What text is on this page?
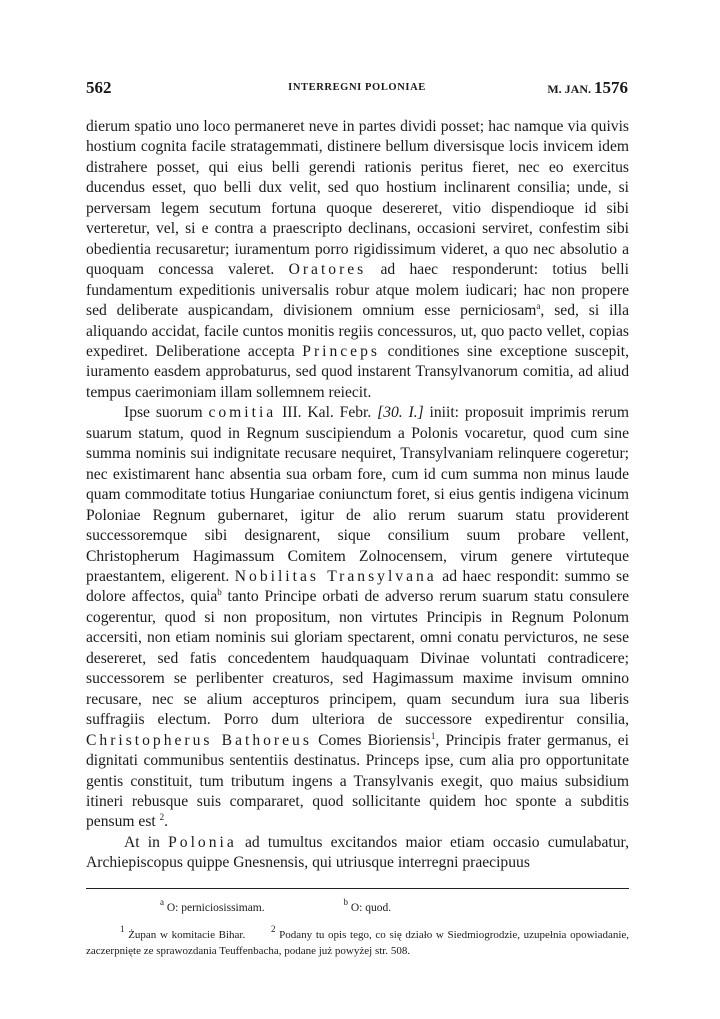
562	INTERREGNI POLONIAE	M. JAN. 1576

dierum spatio uno loco permaneret neve in partes dividi posset; hac namque via quivis hostium cognita facile stratagemmati, distinere bellum diversisque locis invicem idem distrahere posset, qui eius belli gerendi rationis peritus fieret, nec eo exercitus ducendus esset, quo belli dux velit, sed quo hostium inclinarent consilia; unde, si perversam legem secutum fortuna quoque desereret, vitio dispendioque id sibi verteretur, vel, si e contra a praescripto declinans, occasioni serviret, confestim sibi obedientia recusaretur; iuramentum porro rigidissimum videret, a quo nec absolutio a quoquam concessa valeret. Oratores ad haec responderunt: totius belli fundamentum expeditionis universalis robur atque molem iudicari; hac non propere sed deliberate auspicandam, divisionem omnium esse perniciosam$^a$, sed, si illa aliquando accidat, facile cuntos monitis regiis concessuros, ut, quo pacto vellet, copias expediret. Deliberatione accepta Princeps conditiones sine exceptione suscepit, iuramento easdem approbaturus, sed quod instarent Transylvanorum comitia, ad aliud tempus caerimoniam illam sollemnem reiecit.

Ipse suorum comitia III. Kal. Febr. [30. I.] iniit: proposuit imprimis rerum suarum statum, quod in Regnum suscipiendum a Polonis vocaretur, quod cum sine summa nominis sui indignitate recusare nequiret, Transylvaniam relinquere cogeretur; nec existimarent hanc absentia sua orbam fore, cum id cum summa non minus laude quam commoditate totius Hungariae coniunctum foret, si eius gentis indigena vicinum Poloniae Regnum gubernaret, igitur de alio rerum suarum statu providerent successoremque sibi designarent, sique consilium suum probare vellent, Christopherum Hagimassum Comitem Zolnocensem, virum genere virtuteque praestantem, eligerent. Nobilitas Transylvana ad haec respondit: summo se dolore affectos, quia$^b$ tanto Principe orbati de adverso rerum suarum statu consulere cogerentur, quod si non propositum, non virtutes Principis in Regnum Polonum accersiti, non etiam nominis sui gloriam spectarent, omni conatu pervicturos, ne sese desereret, sed fatis concedentem haudquaquam Divinae voluntati contradicere; successorem se perlibenter creaturos, sed Hagimassum maxime invisum omnino recusare, nec se alium accepturos principem, quam secundum iura sua liberis suffragiis electum. Porro dum ulteriora de successore expedirentur consilia, Christopherus Bathoreus Comes Bioriensis$^1$, Principis frater germanus, ei dignitati communibus sententiis destinatus. Princeps ipse, cum alia pro opportunitate gentis constituit, tum tributum ingens a Transylvanis exegit, quo maius subsidium itineri rebusque suis compararet, quod sollicitante quidem hoc sponte a subditis pensum est $^2$.

At in Polonia ad tumultus excitandos maior etiam occasio cumulabatur, Archiepiscopus quippe Gnesnensis, qui utriusque interregni praecipuus

$^a$ O: perniciosissimam.	$^b$ O: quod.

$^1$ Żupan w komitacie Bihar.	$^2$ Podany tu opis tego, co się działo w Siedmiogrodzie, uzupełnia opowiadanie, zaczerpnięte ze sprawozdania Teuffenbacha, podane już powyżej str. 508.
